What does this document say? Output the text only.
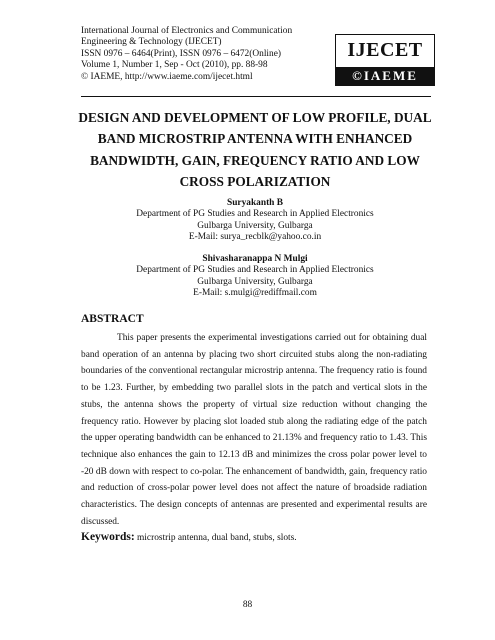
International Journal of Electronics and Communication
Engineering & Technology (IJECET)
ISSN 0976 – 6464(Print), ISSN 0976 – 6472(Online)
Volume 1, Number 1, Sep - Oct (2010), pp. 88-98
© IAEME, http://www.iaeme.com/ijecet.html
IJECET
©IAEME
DESIGN AND DEVELOPMENT OF LOW PROFILE, DUAL BAND MICROSTRIP ANTENNA WITH ENHANCED BANDWIDTH, GAIN, FREQUENCY RATIO AND LOW CROSS POLARIZATION
Suryakanth B
Department of PG Studies and Research in Applied Electronics
Gulbarga University, Gulbarga
E-Mail: surya_recblk@yahoo.co.in
Shivasharanappa N Mulgi
Department of PG Studies and Research in Applied Electronics
Gulbarga University, Gulbarga
E-Mail: s.mulgi@rediffmail.com
ABSTRACT
This paper presents the experimental investigations carried out for obtaining dual band operation of an antenna by placing two short circuited stubs along the non-radiating boundaries of the conventional rectangular microstrip antenna. The frequency ratio is found to be 1.23. Further, by embedding two parallel slots in the patch and vertical slots in the stubs, the antenna shows the property of virtual size reduction without changing the frequency ratio. However by placing slot loaded stub along the radiating edge of the patch the upper operating bandwidth can be enhanced to 21.13% and frequency ratio to 1.43. This technique also enhances the gain to 12.13 dB and minimizes the cross polar power level to -20 dB down with respect to co-polar. The enhancement of bandwidth, gain, frequency ratio and reduction of cross-polar power level does not affect the nature of broadside radiation characteristics. The design concepts of antennas are presented and experimental results are discussed.
Keywords: microstrip antenna, dual band, stubs, slots.
88
